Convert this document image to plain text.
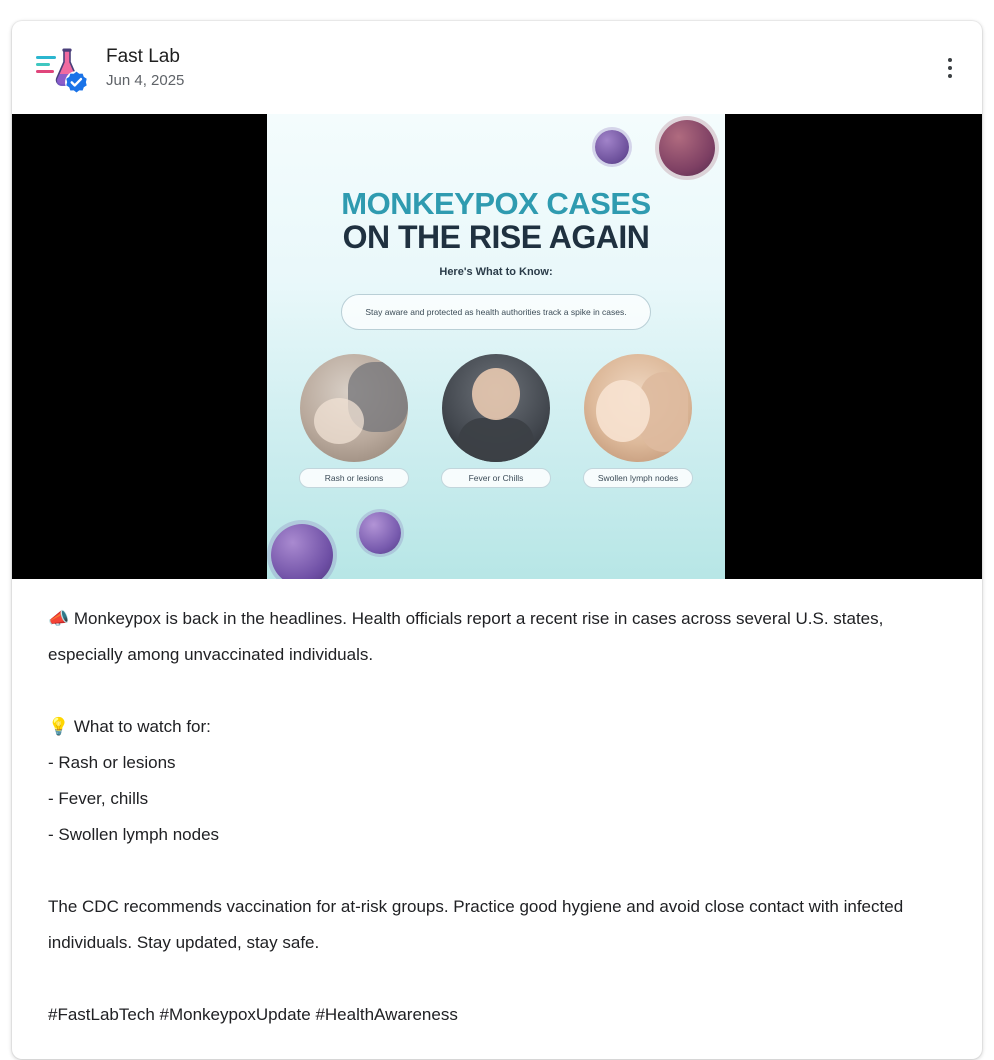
Fast Lab
Jun 4, 2025
MONKEYPOX CASES
ON THE RISE AGAIN
Here's What to Know:
Stay aware and protected as health authorities track a spike in cases.
Rash or lesions	Fever or Chills	Swollen lymph nodes

📣 Monkeypox is back in the headlines. Health officials report a recent rise in cases across several U.S. states, especially among unvaccinated individuals.

💡 What to watch for:

- Rash or lesions
- Fever, chills
- Swollen lymph nodes

The CDC recommends vaccination for at-risk groups. Practice good hygiene and avoid close contact with infected individuals. Stay updated, stay safe.

#FastLabTech #MonkeypoxUpdate #HealthAwareness
